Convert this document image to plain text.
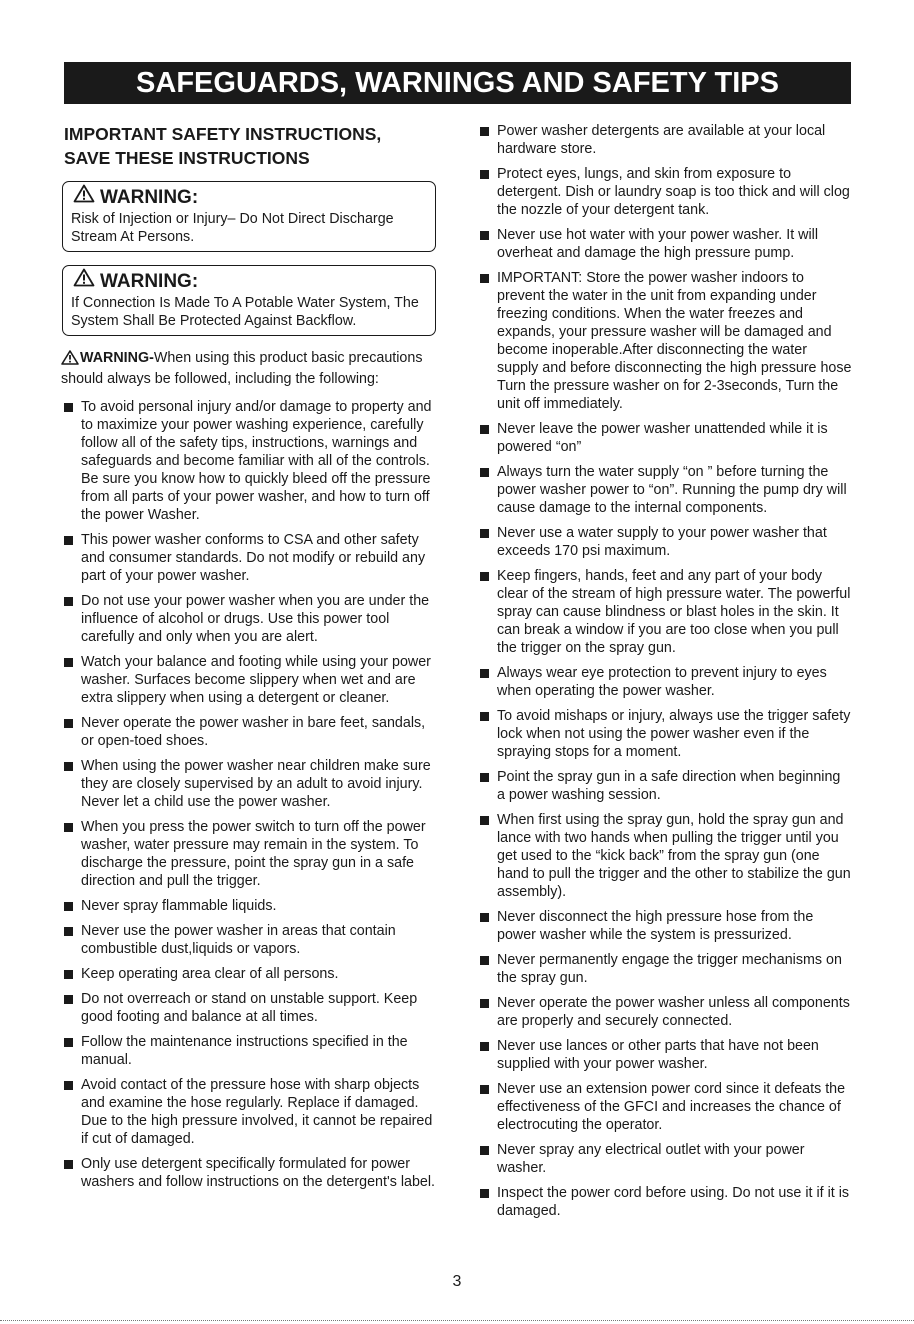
SAFEGUARDS, WARNINGS AND SAFETY TIPS
IMPORTANT SAFETY INSTRUCTIONS,
SAVE THESE INSTRUCTIONS
WARNING:
Risk of Injection or Injury– Do Not Direct Discharge Stream At Persons.
WARNING:
If Connection Is Made To A Potable Water System, The System Shall Be Protected Against Backflow.
WARNING-When using this product basic precautions should always be followed, including the following:
To avoid personal injury and/or damage to property and to maximize your power washing experience, carefully follow all of the safety tips, instructions, warnings and safeguards and become familiar with all of the controls. Be sure you know how to quickly bleed off the pressure from all parts of your power washer, and how to turn off the power Washer.
This power washer conforms to CSA and other safety and consumer standards. Do not modify or rebuild any part of your power washer.
Do not use your power washer when you are under the influence of alcohol or drugs. Use this power tool carefully and only when you are alert.
Watch your balance and footing while using your power washer. Surfaces become slippery when wet and are extra slippery when using a detergent or cleaner.
Never operate the power washer in bare feet, sandals, or open-toed shoes.
When using the power washer near children make sure they are closely supervised by an adult to avoid injury. Never let a child use the power washer.
When you press the power switch to turn off the power washer, water pressure may remain in the system. To discharge the pressure, point the spray gun in a safe direction and pull the trigger.
Never spray flammable liquids.
Never use the power washer in areas that contain combustible dust,liquids or vapors.
Keep operating area clear of all persons.
Do not overreach or stand on unstable support. Keep good footing and balance at all times.
Follow the maintenance instructions specified in the manual.
Avoid contact of the pressure hose with sharp objects and examine the hose regularly. Replace if damaged. Due to the high pressure involved, it cannot be repaired if cut of damaged.
Only use detergent specifically formulated for power washers and follow instructions on the detergent's label.
Power washer detergents are available at your local hardware store.
Protect eyes, lungs, and skin from exposure to detergent. Dish or laundry soap is too thick and will clog the nozzle of your detergent tank.
Never use hot water with your power washer. It will overheat and damage the high pressure pump.
IMPORTANT: Store the power washer indoors to prevent the water in the unit from expanding under freezing conditions. When the water freezes and expands, your pressure washer will be damaged and become inoperable.After disconnecting the water supply and before disconnecting the high pressure hose Turn the pressure washer on for 2-3seconds, Turn the unit off immediately.
Never leave the power washer unattended while it is powered “on”
Always turn the water supply “on ” before turning the power washer power to “on”. Running the pump dry will cause damage to the internal components.
Never use a water supply to your power washer that exceeds 170 psi maximum.
Keep fingers, hands, feet and any part of your body clear of the stream of high pressure water. The powerful spray can cause blindness or blast holes in the skin. It can break a window if you are too close when you pull the trigger on the spray gun.
Always wear eye protection to prevent injury to eyes when operating the power washer.
To avoid mishaps or injury, always use the trigger safety lock when not using the power washer even if the spraying stops for a moment.
Point the spray gun in a safe direction when beginning a power washing session.
When first using the spray gun, hold the spray gun and lance with two hands when pulling the trigger until you get used to the “kick back” from the spray gun (one hand to pull the trigger and the other to stabilize the gun assembly).
Never disconnect the high pressure hose from the power washer while the system is pressurized.
Never permanently engage the trigger mechanisms on the spray gun.
Never operate the power washer unless all components are properly and securely connected.
Never use lances or other parts that have not been supplied with your power washer.
Never use an extension power cord since it defeats the effectiveness of the GFCI and increases the chance of electrocuting the operator.
Never spray any electrical outlet with your power washer.
Inspect the power cord before using. Do not use it if it is damaged.
3
